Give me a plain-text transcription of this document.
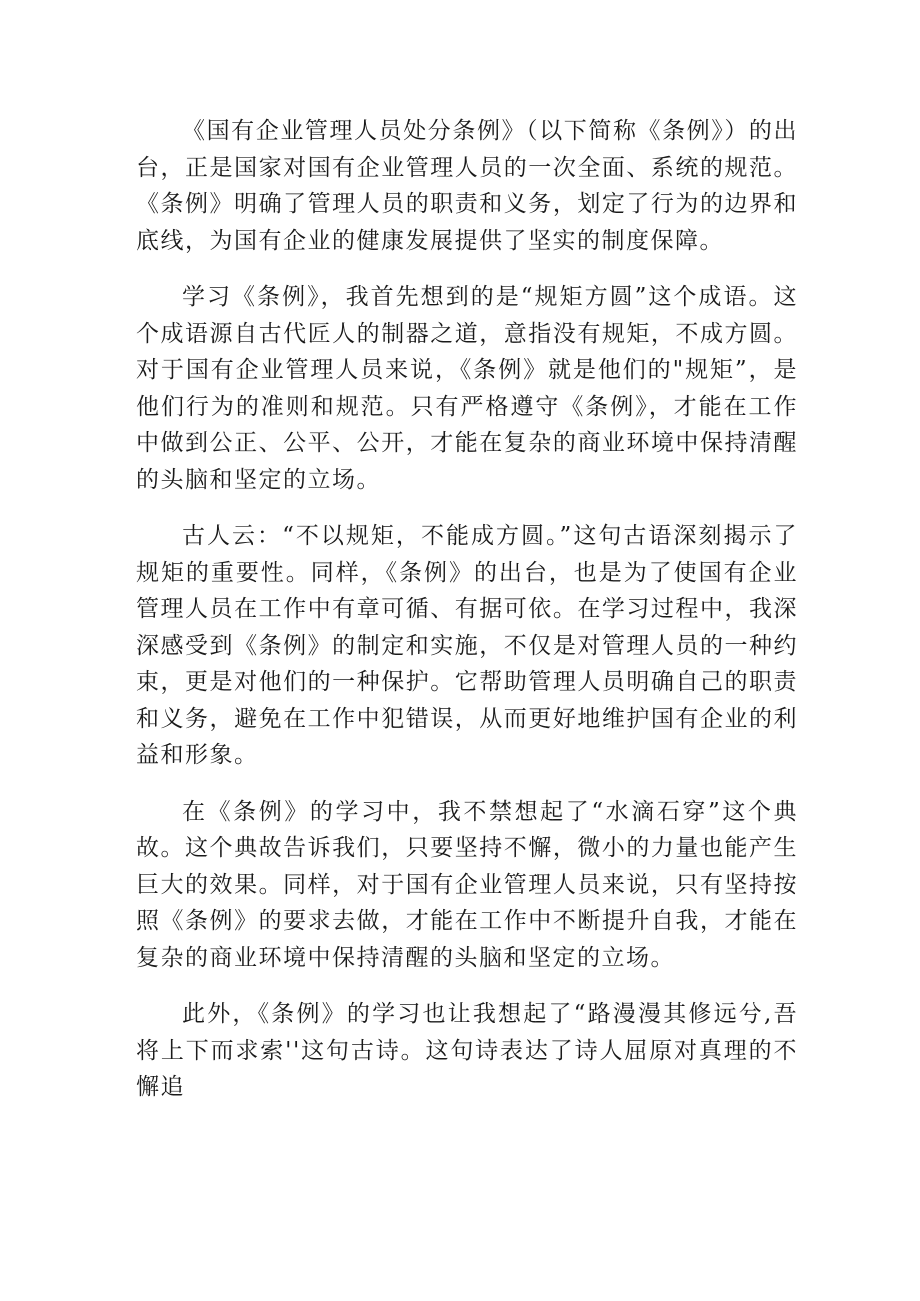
《国有企业管理人员处分条例》（以下简称《条例》）的出台，正是国家对国有企业管理人员的一次全面、系统的规范。《条例》明确了管理人员的职责和义务，划定了行为的边界和底线，为国有企业的健康发展提供了坚实的制度保障。

学习《条例》，我首先想到的是“规矩方圆”这个成语。这个成语源自古代匠人的制器之道，意指没有规矩，不成方圆。对于国有企业管理人员来说，《条例》就是他们的"规矩”，是他们行为的准则和规范。只有严格遵守《条例》，才能在工作中做到公正、公平、公开，才能在复杂的商业环境中保持清醒的头脑和坚定的立场。

古人云：“不以规矩，不能成方圆。”这句古语深刻揭示了规矩的重要性。同样，《条例》的出台，也是为了使国有企业管理人员在工作中有章可循、有据可依。在学习过程中，我深深感受到《条例》的制定和实施，不仅是对管理人员的一种约束，更是对他们的一种保护。它帮助管理人员明确自己的职责和义务，避免在工作中犯错误，从而更好地维护国有企业的利益和形象。

在《条例》的学习中，我不禁想起了“水滴石穿”这个典故。这个典故告诉我们，只要坚持不懈，微小的力量也能产生巨大的效果。同样，对于国有企业管理人员来说，只有坚持按照《条例》的要求去做，才能在工作中不断提升自我，才能在复杂的商业环境中保持清醒的头脑和坚定的立场。

此外，《条例》的学习也让我想起了“路漫漫其修远兮,吾将上下而求索''这句古诗。这句诗表达了诗人屈原对真理的不懈追
